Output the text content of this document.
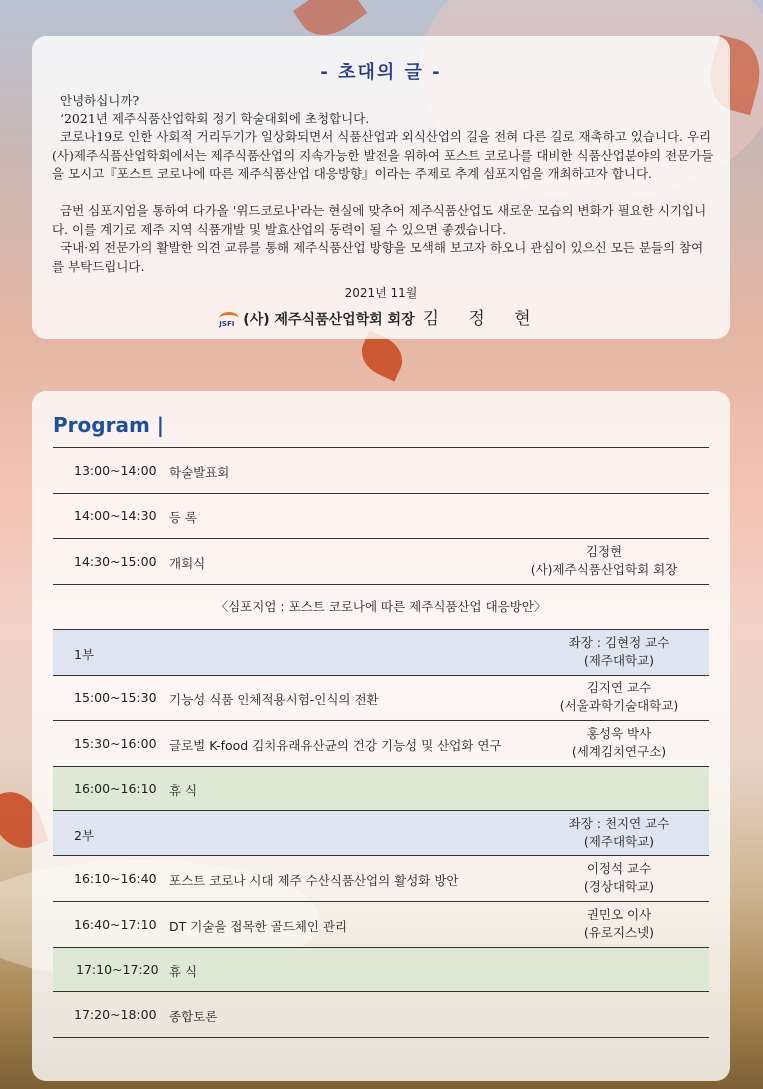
- 초대의 글 -
안녕하십니까?
‘2021년 제주식품산업학회 정기 학술대회에 초청합니다.
코로나19로 인한 사회적 거리두기가 일상화되면서 식품산업과 외식산업의 길을 전혀 다른 길로 재촉하고 있습니다. 우리 (사)제주식품산업학회에서는 제주식품산업의 지속가능한 발전을 위하여 포스트 코로나를 대비한 식품산업분야의 전문가들을 모시고『포스트 코로나에 따른 제주식품산업 대응방향』이라는 주제로 추계 심포지엄을 개최하고자 합니다.
금번 심포지엄을 통하여 다가올 '위드코로나'라는 현실에 맞추어 제주식품산업도 새로운 모습의 변화가 필요한 시기입니다. 이를 계기로 제주 지역 식품개발 및 발효산업의 동력이 될 수 있으면 좋겠습니다.
국내·외 전문가의 활발한 의견 교류를 통해 제주식품산업 방향을 모색해 보고자 하오니 관심이 있으신 모든 분들의 참여를 부탁드립니다.
2021년 11월
JSFI (사) 제주식품산업학회 회장 김 정 현
Program |
13:00~14:00 학술발표회
14:00~14:30 등 록
14:30~15:00 개회식
김정현
(사)제주식품산업학회 회장
〈심포지엄 : 포스트 코로나에 따른 제주식품산업 대응방안〉
1부
좌장 : 김현정 교수
(제주대학교)
15:00~15:30 기능성 식품 인체적용시험-인식의 전환
김지연 교수
(서울과학기술대학교)
15:30~16:00 글로벌 K-food 김치유래유산균의 건강 기능성 및 산업화 연구
홍성욱 박사
(세계김치연구소)
16:00~16:10 휴 식
2부
좌장 : 천지연 교수
(제주대학교)
16:10~16:40 포스트 코로나 시대 제주 수산식품산업의 활성화 방안
이정석 교수
(경상대학교)
16:40~17:10 DT 기술을 접목한 골드체인 관리
권민오 이사
(유로지스넷)
17:10~17:20 휴 식
17:20~18:00 종합토론
